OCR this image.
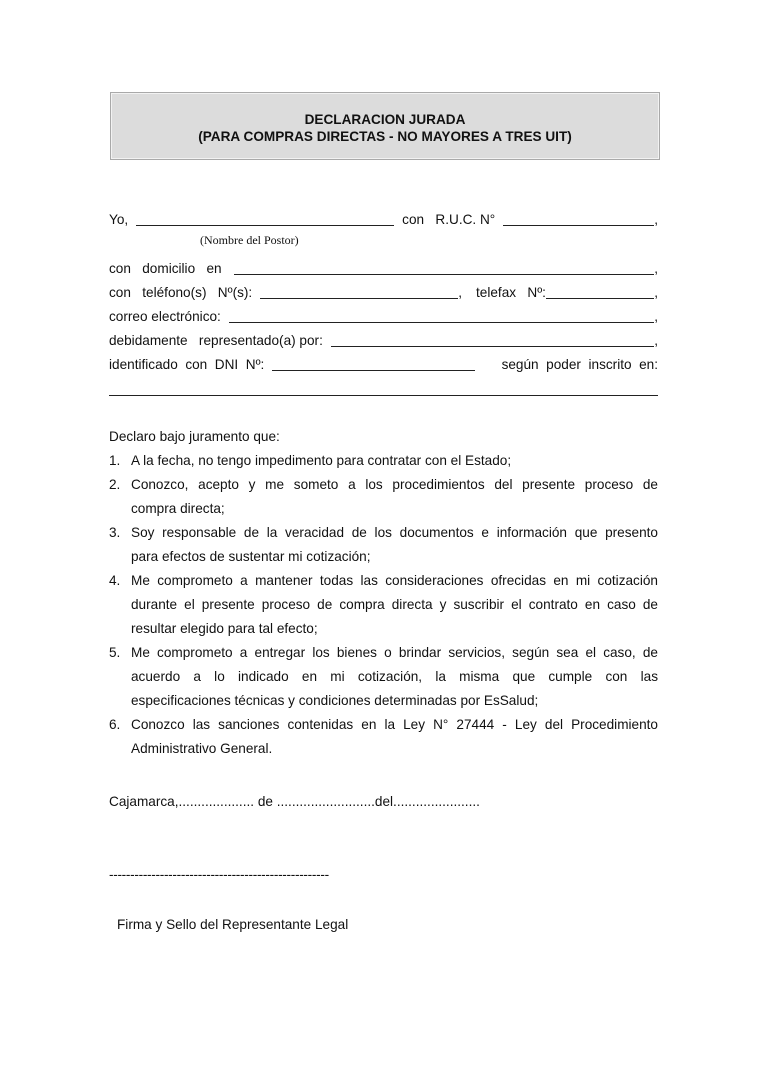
DECLARACION JURADA
(PARA COMPRAS DIRECTAS - NO MAYORES A TRES UIT)
Yo,	con   R.U.C. N°	,
(Nombre del Postor)
con   domicilio   en	,
con   teléfono(s)   Nº(s):	, telefax   Nº:	,
correo electrónico:	,
debidamente   representado(a) por:	,
identificado  con  DNI  Nº:	según  poder  inscrito  en:
Declaro bajo juramento que:
1. A la fecha, no tengo impedimento para contratar con el Estado;
2. Conozco, acepto y me someto a los procedimientos del presente proceso de
compra directa;
3. Soy responsable de la veracidad de los documentos e información que presento
para efectos de sustentar mi cotización;
4. Me comprometo a mantener todas las consideraciones ofrecidas en mi cotización
durante el presente proceso de compra directa y suscribir el contrato en caso de
resultar elegido para tal efecto;
5. Me comprometo a entregar los bienes o brindar servicios, según sea el caso, de
acuerdo a lo indicado en mi cotización, la misma que cumple con las
especificaciones técnicas y condiciones determinadas por EsSalud;
6. Conozco las sanciones contenidas en la Ley N° 27444 - Ley del Procedimiento
Administrativo General.
Cajamarca,.................... de ..........................del.......................
----------------------------------------------------
Firma y Sello del Representante Legal
